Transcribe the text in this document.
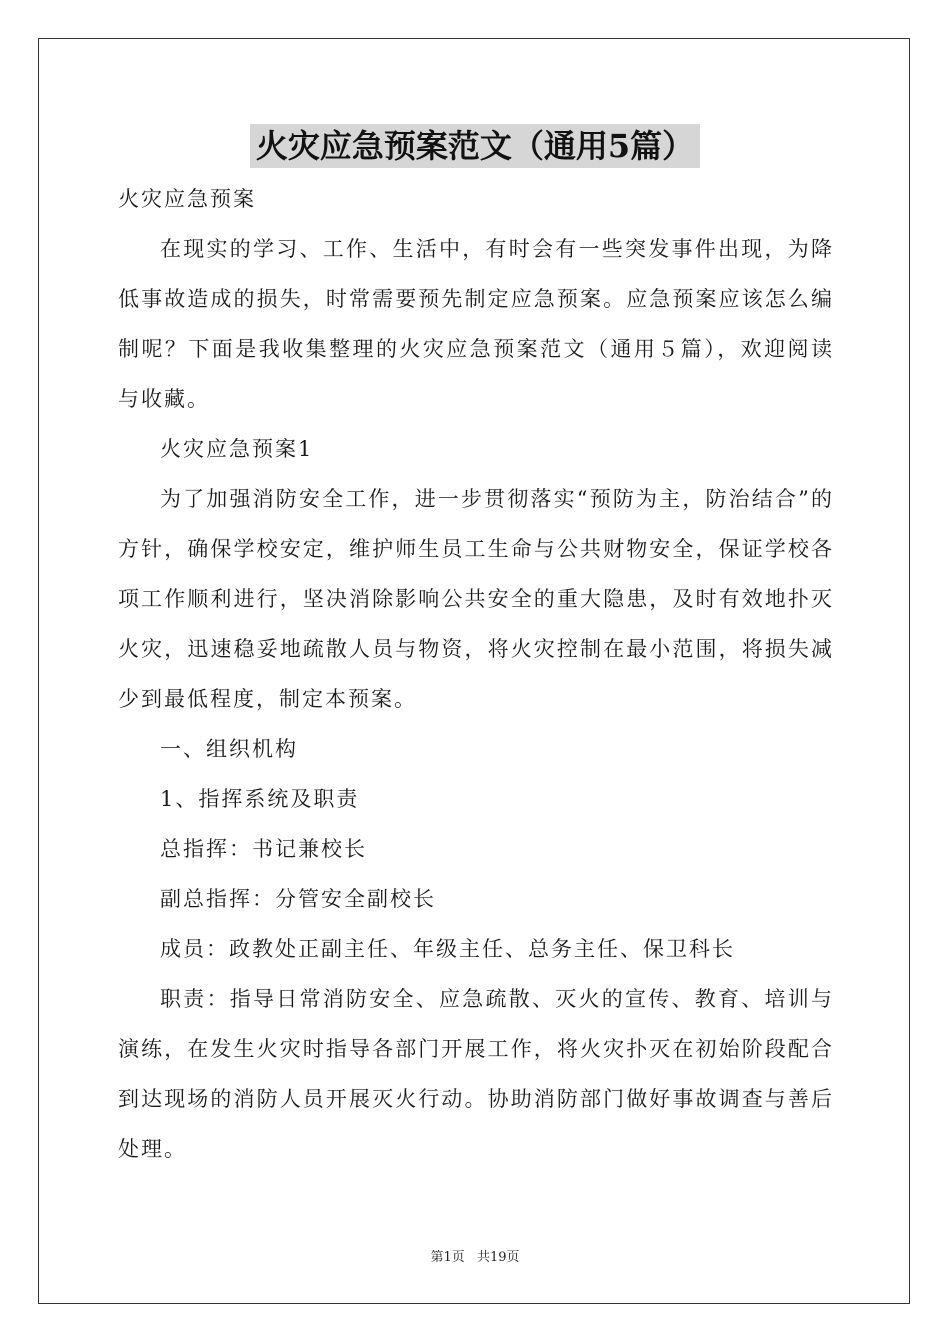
火灾应急预案范文（通用5篇）

火灾应急预案

在现实的学习、工作、生活中，有时会有一些突发事件出现，为降低事故造成的损失，时常需要预先制定应急预案。应急预案应该怎么编制呢？下面是我收集整理的火灾应急预案范文（通用５篇），欢迎阅读与收藏。

火灾应急预案1

为了加强消防安全工作，进一步贯彻落实“预防为主，防治结合”的方针，确保学校安定，维护师生员工生命与公共财物安全，保证学校各项工作顺利进行，坚决消除影响公共安全的重大隐患，及时有效地扑灭火灾，迅速稳妥地疏散人员与物资，将火灾控制在最小范围，将损失减少到最低程度，制定本预案。

一、组织机构

1、指挥系统及职责

总指挥：书记兼校长

副总指挥：分管安全副校长

成员：政教处正副主任、年级主任、总务主任、保卫科长

职责：指导日常消防安全、应急疏散、灭火的宣传、教育、培训与演练，在发生火灾时指导各部门开展工作，将火灾扑灭在初始阶段配合到达现场的消防人员开展灭火行动。协助消防部门做好事故调查与善后处理。

第1页 共19页
